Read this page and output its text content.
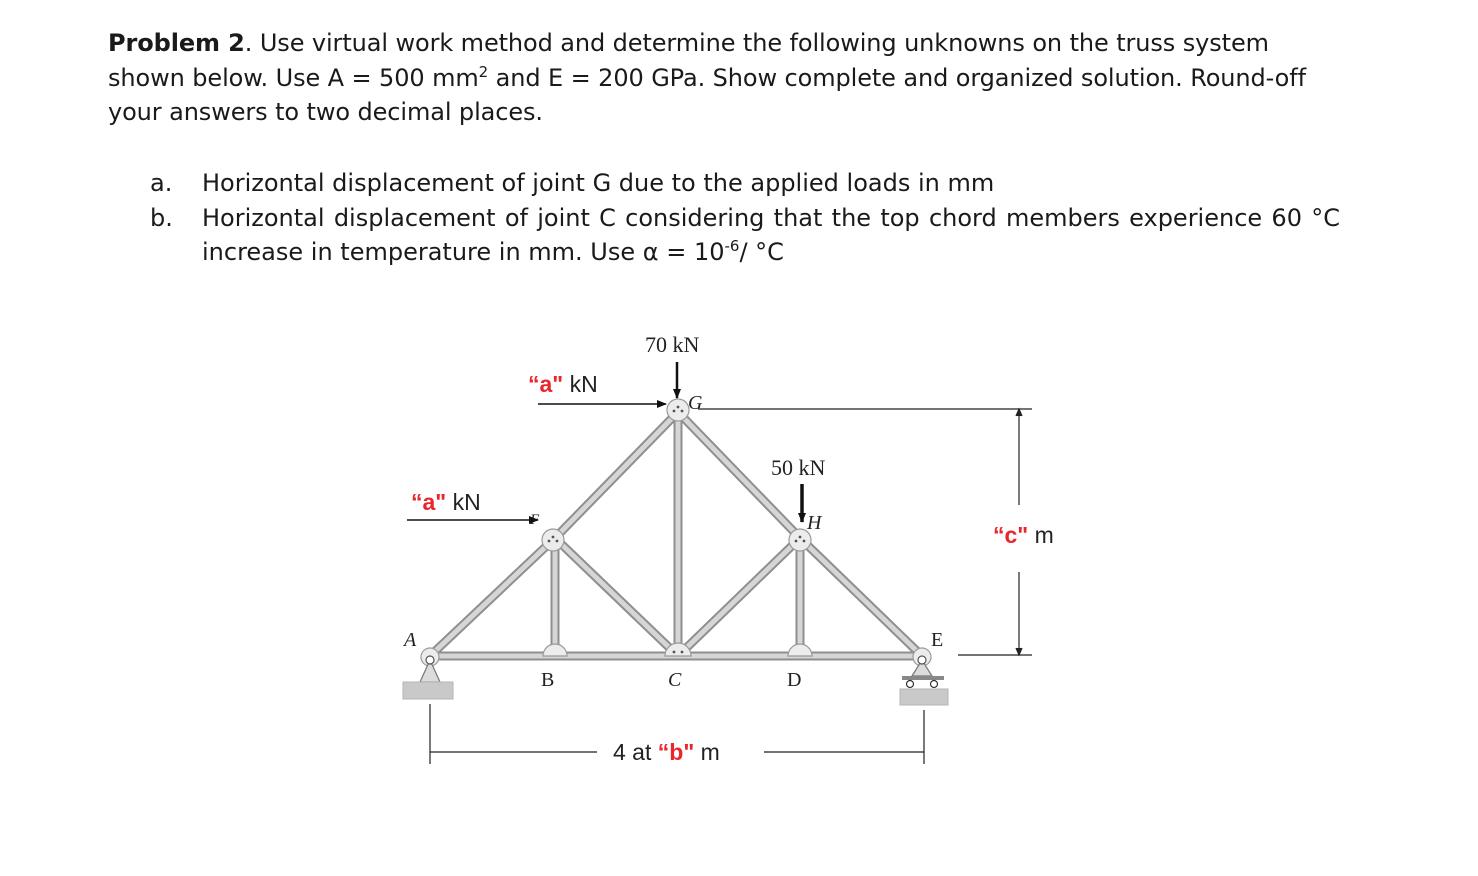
Problem 2. Use virtual work method and determine the following unknowns on the truss system shown below. Use A = 500 $mm^2$ and E = 200 GPa. Show complete and organized solution. Round-off your answers to two decimal places.
a.	Horizontal displacement of joint G due to the applied loads in mm
b.	Horizontal displacement of joint C considering that the top chord members experience 60 °C
increase in temperature in mm. Use $\alpha = 10^{-6}/$ °C
A
B	C	D
E
F
G
H
70 kN
50 kN
“a" kN
“a" kN
“c" m
4 at “b" m
